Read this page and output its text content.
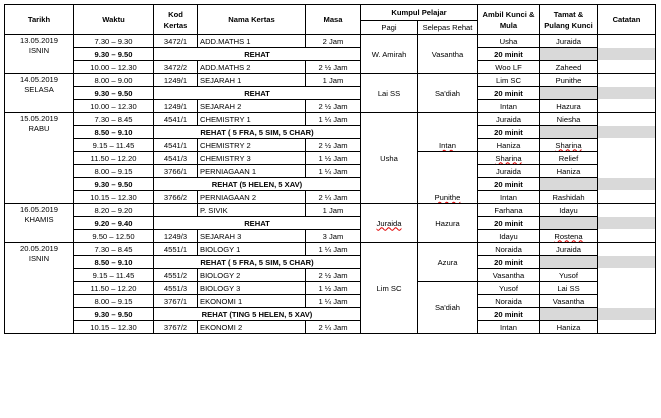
Tarikh	Waktu	Kod Kertas	Nama Kertas	Masa	Kumpul Pelajar		Ambil Kunci & Mula	Tamat & Pulang Kunci	Catatan
					Pagi	Selepas Rehat			

13.05.2019
ISNIN	7.30 – 9.30	3472/1	ADD.MATHS 1	2 Jam	W. Amirah	Vasantha	Usha	Juraida	
	9.30 – 9.50	REHAT					20 minit		
	10.00 – 12.30	3472/2	ADD.MATHS 2	2 ½ Jam			Woo LF	Zaheed	

14.05.2019
SELASA	8.00 – 9.00	1249/1	SEJARAH 1	1 Jam	Lai SS	Sa'diah	Lim SC	Punithe	
	9.30 – 9.50	REHAT					20 minit		
	10.00 – 12.30	1249/1	SEJARAH 2	2 ½ Jam			Intan	Hazura	

15.05.2019
RABU	7.30 – 8.45	4541/1	CHEMISTRY 1	1 ¼ Jam	Usha	Intan	Juraida	Niesha	
	8.50 – 9.10	REHAT ( 5 FRA, 5 SIM, 5 CHAR)					20 minit		
	9.15 – 11.45	4541/1	CHEMISTRY 2	2 ½ Jam			Haniza	Sharina	
	11.50 – 12.20	4541/3	CHEMISTRY 3	1 ½ Jam		Punithe	Sharina	Relief	
	8.00 – 9.15	3766/1	PERNIAGAAN 1	1 ¼ Jam			Juraida	Haniza	
	9.30 – 9.50	REHAT (5 HELEN, 5 XAV)					20 minit		
	10.15 – 12.30	3766/2	PERNIAGAAN 2	2 ¼ Jam			Intan	Rashidah	

16.05.2019
KHAMIS	8.20 – 9.20		P. SIVIK	1 Jam	Juraida	Hazura	Farhana	Idayu	
	9.20 – 9.40	REHAT					20 minit		
	9.50 – 12.50	1249/3	SEJARAH 3	3 Jam			Idayu	Rostena	

20.05.2019
ISNIN	7.30 – 8.45	4551/1	BIOLOGY 1	1 ¼ Jam	Lim SC	Azura	Noraida	Juraida	
	8.50 – 9.10	REHAT ( 5 FRA, 5 SIM, 5 CHAR)					20 minit		
	9.15 – 11.45	4551/2	BIOLOGY 2	2 ½ Jam			Vasantha	Yusof	
	11.50 – 12.20	4551/3	BIOLOGY 3	1 ½ Jam		Sa'diah	Yusof	Lai SS	
	8.00 – 9.15	3767/1	EKONOMI 1	1 ¼ Jam			Noraida	Vasantha	
	9.30 – 9.50	REHAT (TING 5 HELEN, 5 XAV)					20 minit		
	10.15 – 12.30	3767/2	EKONOMI 2	2 ¼ Jam			Intan	Haniza	
